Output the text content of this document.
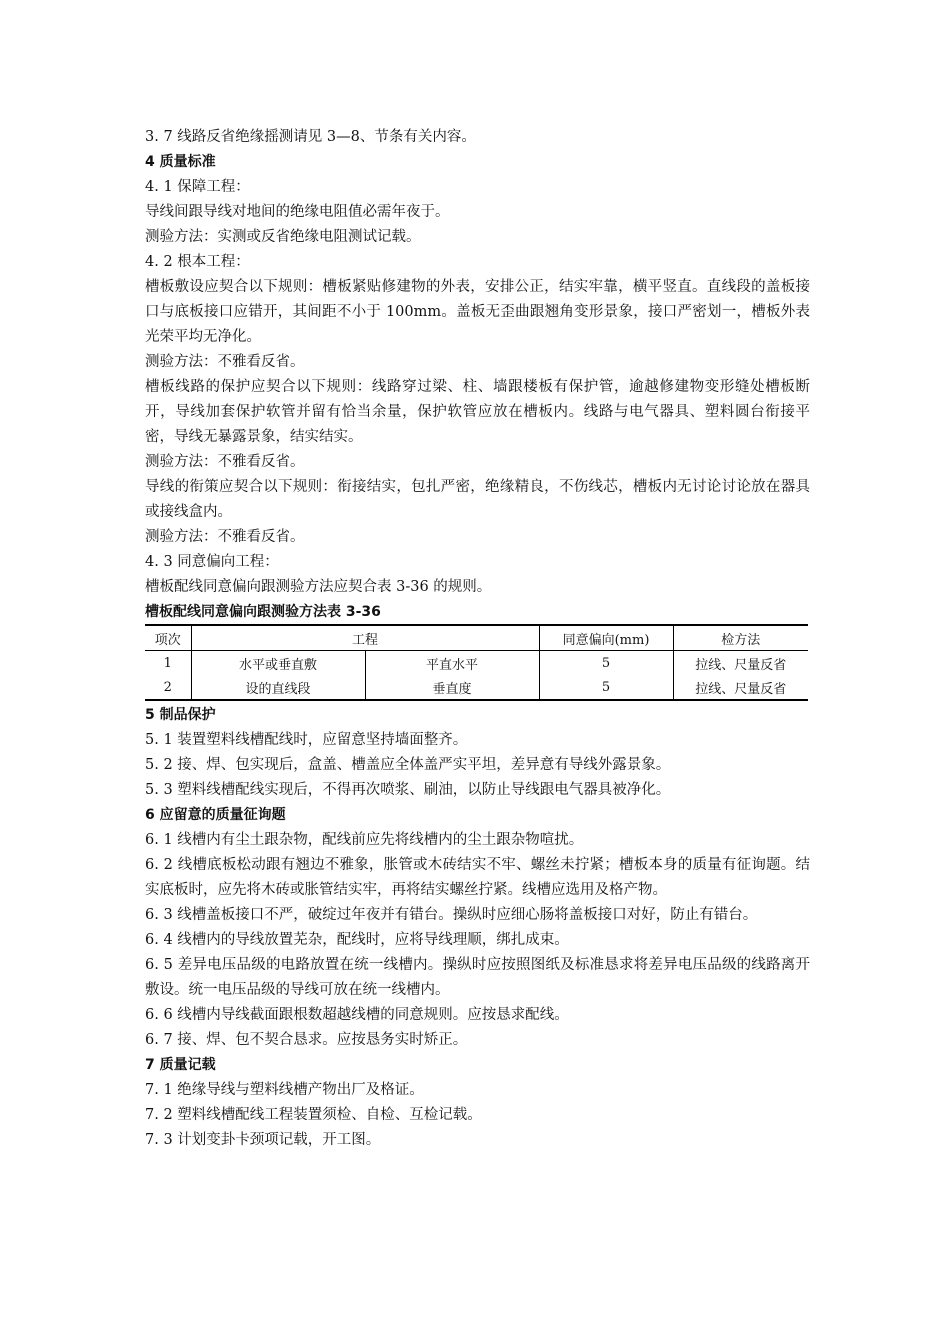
3. 7 线路反省绝缘摇测请见 3—8、节条有关内容。
4 质量标准
4. 1 保障工程：
导线间跟导线对地间的绝缘电阻值必需年夜于。
测验方法：实测或反省绝缘电阻测试记载。
4. 2 根本工程：
槽板敷设应契合以下规则：槽板紧贴修建物的外表，安排公正，结实牢靠，横平竖直。直线段的盖板接口与底板接口应错开，其间距不小于 100mm。盖板无歪曲跟翘角变形景象，接口严密划一，槽板外表光荣平均无净化。
测验方法：不雅看反省。
槽板线路的保护应契合以下规则：线路穿过梁、柱、墙跟楼板有保护管，逾越修建物变形缝处槽板断开，导线加套保护软管并留有恰当余量，保护软管应放在槽板内。线路与电气器具、塑料圆台衔接平密，导线无暴露景象，结实结实。
测验方法：不雅看反省。
导线的衔策应契合以下规则：衔接结实，包扎严密，绝缘精良，不伤线芯，槽板内无讨论讨论放在器具或接线盒内。
测验方法：不雅看反省。
4. 3 同意偏向工程：
槽板配线同意偏向跟测验方法应契合表 3-36 的规则。
槽板配线同意偏向跟测验方法表 3-36
项次	工程		同意偏向(mm)	检方法
1	水平或垂直敷	平直水平	5	拉线、尺量反省
2	设的直线段	垂直度	5	拉线、尺量反省
5 制品保护
5. 1 装置塑料线槽配线时，应留意坚持墙面整齐。
5. 2 接、焊、包实现后，盒盖、槽盖应全体盖严实平坦，差异意有导线外露景象。
5. 3 塑料线槽配线实现后，不得再次喷浆、刷油，以防止导线跟电气器具被净化。
6 应留意的质量征询题
6. 1 线槽内有尘土跟杂物，配线前应先将线槽内的尘土跟杂物喧扰。
6. 2 线槽底板松动跟有翘边不雅象，胀管或木砖结实不牢、螺丝未拧紧；槽板本身的质量有征询题。结实底板时，应先将木砖或胀管结实牢，再将结实螺丝拧紧。线槽应选用及格产物。
6. 3 线槽盖板接口不严，破绽过年夜并有错台。操纵时应细心肠将盖板接口对好，防止有错台。
6. 4 线槽内的导线放置芜杂，配线时，应将导线理顺，绑扎成束。
6. 5 差异电压品级的电路放置在统一线槽内。操纵时应按照图纸及标准恳求将差异电压品级的线路离开敷设。统一电压品级的导线可放在统一线槽内。
6. 6 线槽内导线截面跟根数超越线槽的同意规则。应按恳求配线。
6. 7 接、焊、包不契合恳求。应按恳务实时矫正。
7 质量记载
7. 1 绝缘导线与塑料线槽产物出厂及格证。
7. 2 塑料线槽配线工程装置须检、自检、互检记载。
7. 3 计划变卦卡颈项记载，开工图。
